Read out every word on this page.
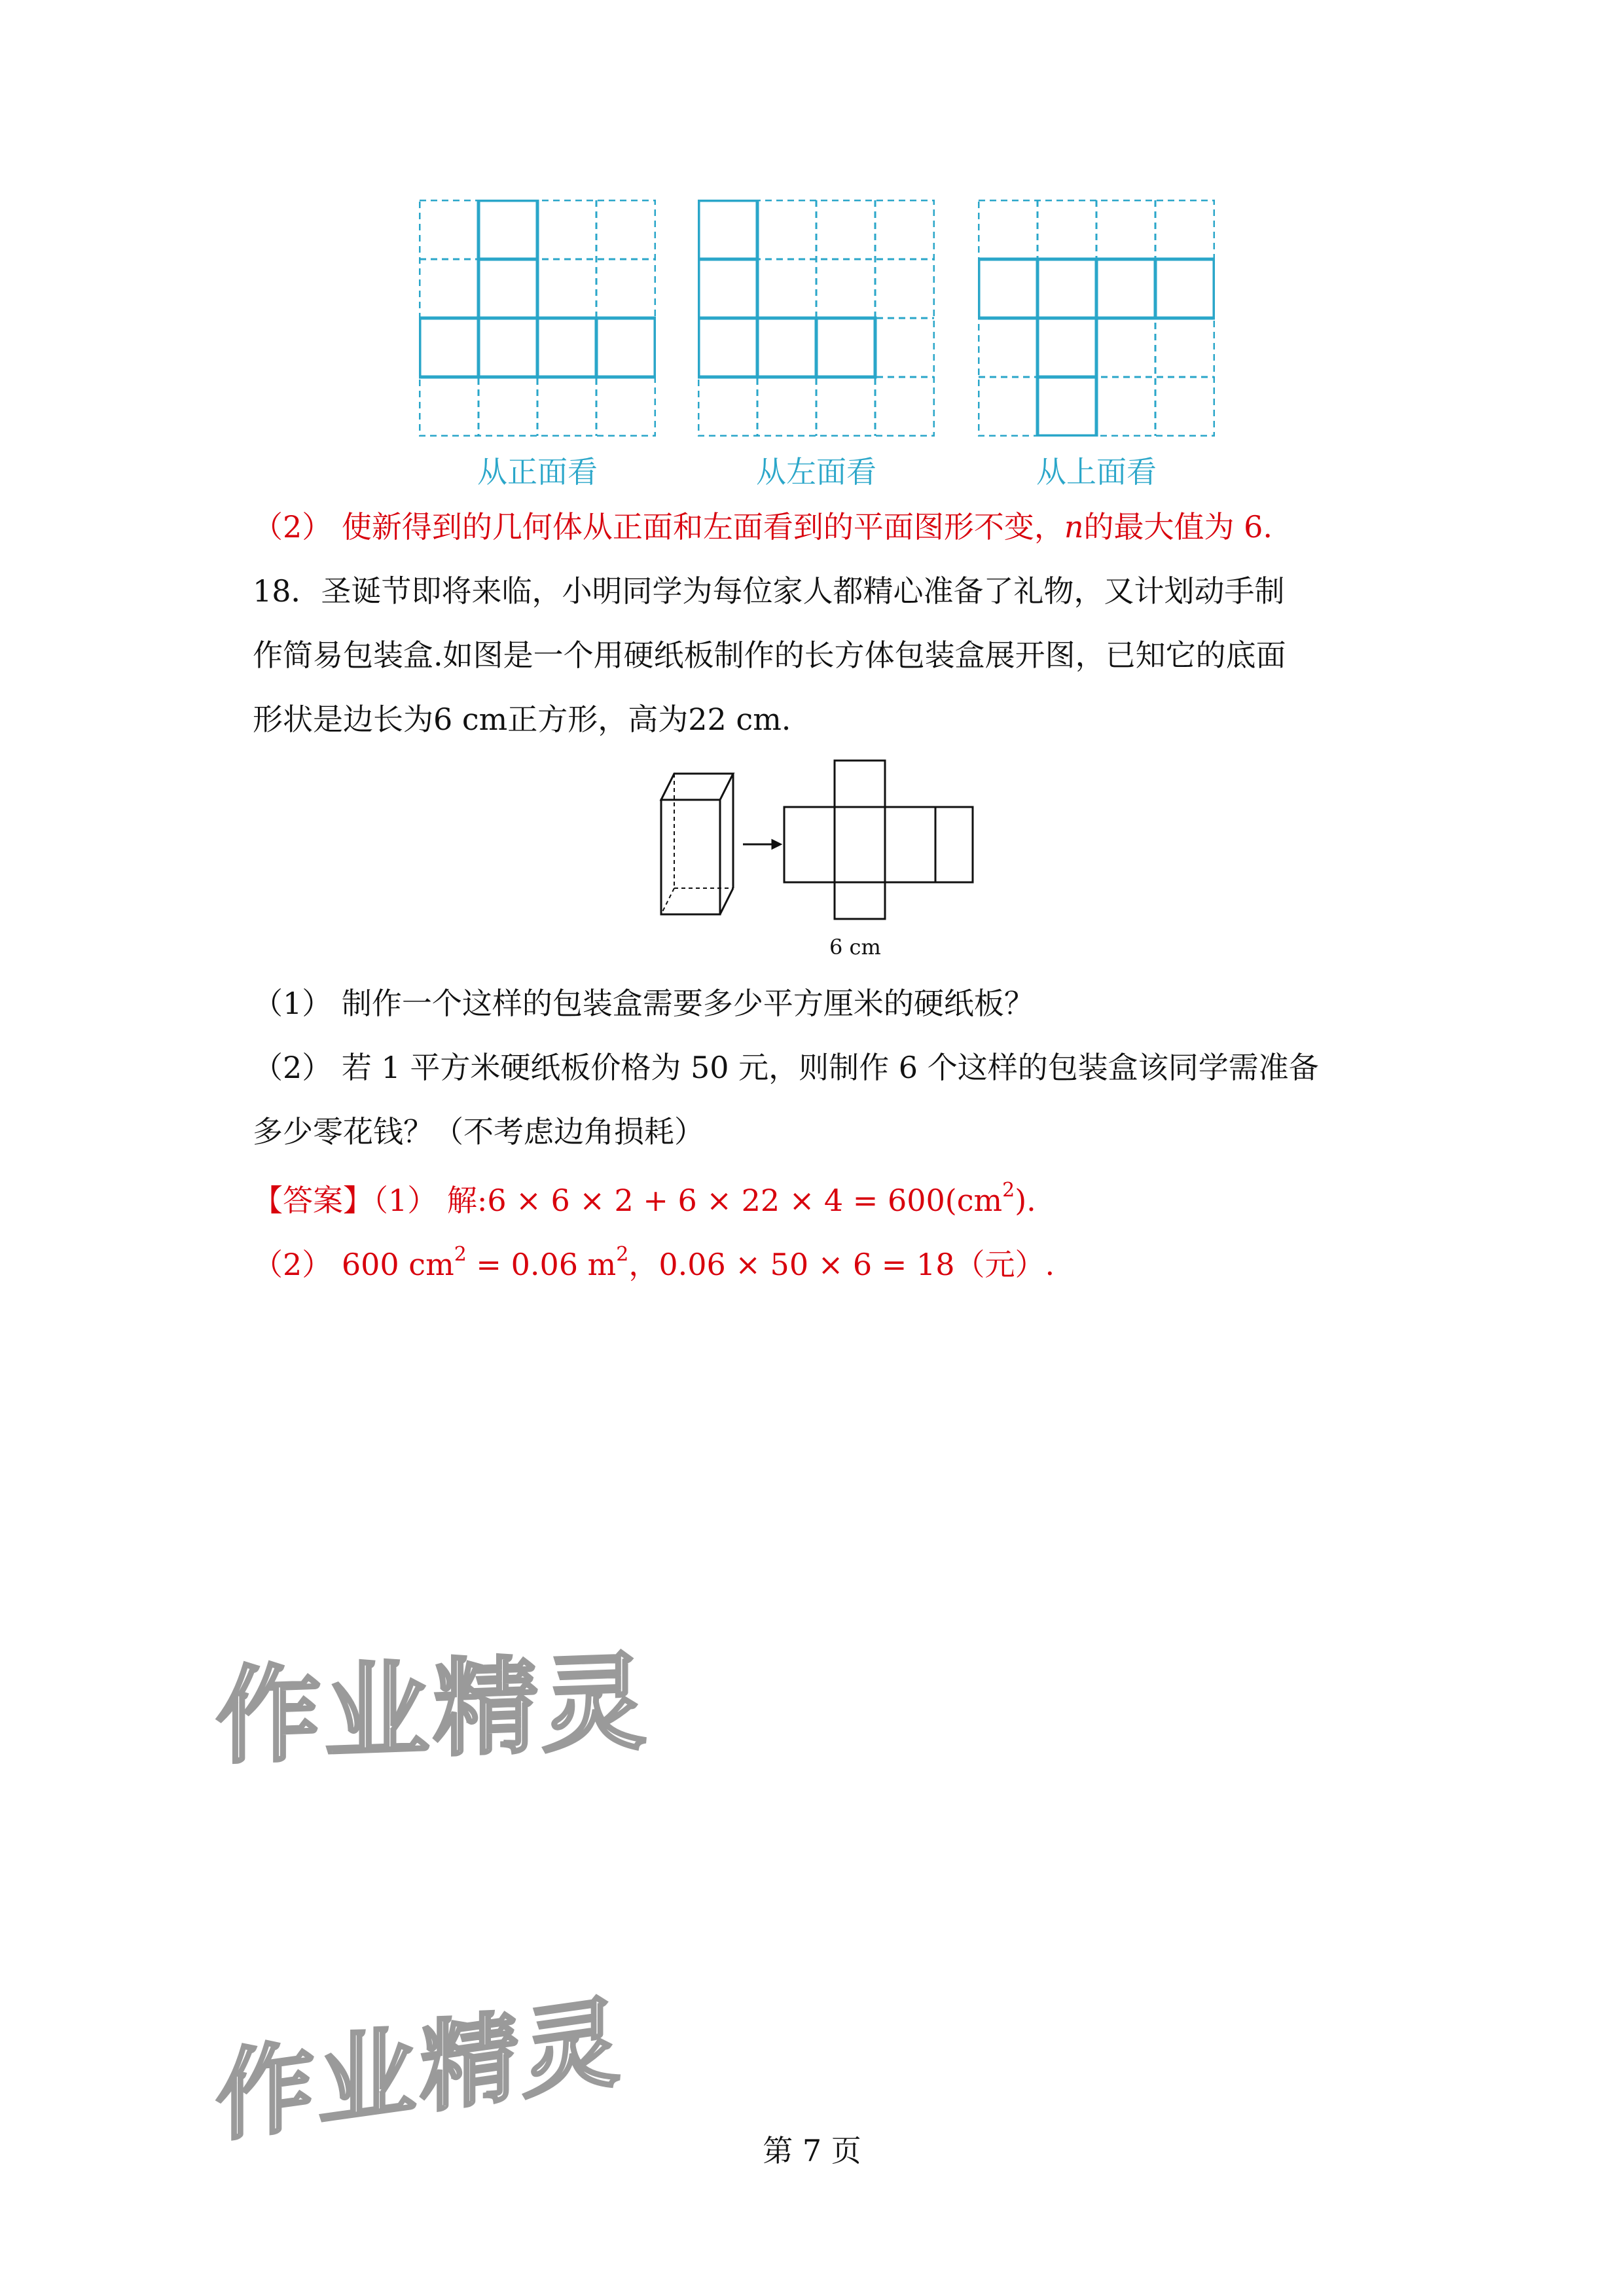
从正面看	从左面看	从上面看
（2） 使新得到的几何体从正面和左面看到的平面图形不变，𝑛的最大值为 6.
18．圣诞节即将来临，小明同学为每位家人都精心准备了礼物，又计划动手制
作简易包装盒.如图是一个用硬纸板制作的长方体包装盒展开图，已知它的底面
形状是边长为6 cm正方形，高为22 cm.
6 cm
（1） 制作一个这样的包装盒需要多少平方厘米的硬纸板？
（2） 若 1 平方米硬纸板价格为 50 元，则制作 6 个这样的包装盒该同学需准备
多少零花钱？（不考虑边角损耗）
【答案】（1） 解:6 × $6 \times 2 + 6 \times 22 \times 4 = 600(cm^2)$.
（2） 600 $cm^2 = 0.06$ $m^2$，0.06 × 50 × 6 = 18（元）.
作业精灵
作业精灵	第 7 页
